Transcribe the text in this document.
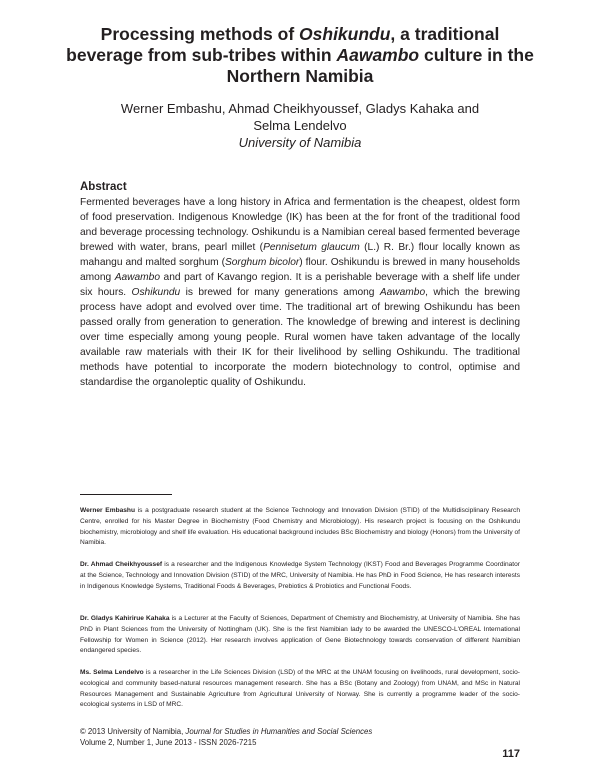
Processing methods of Oshikundu, a traditional beverage from sub-tribes within Aawambo culture in the Northern Namibia
Werner Embashu, Ahmad Cheikhyoussef, Gladys Kahaka and
Selma Lendelvo
University of Namibia
Abstract

Fermented beverages have a long history in Africa and fermentation is the cheapest, oldest form of food preservation. Indigenous Knowledge (IK) has been at the for front of the traditional food and beverage processing technology. Oshikundu is a Namibian cereal based fermented beverage brewed with water, brans, pearl millet (Pennisetum glaucum (L.) R. Br.) flour locally known as mahangu and malted sorghum (Sorghum bicolor) flour. Oshikundu is brewed in many households among Aawambo and part of Kavango region. It is a perishable beverage with a shelf life under six hours. Oshikundu is brewed for many generations among Aawambo, which the brewing process have adopt and evolved over time. The traditional art of brewing Oshikundu has been passed orally from generation to generation. The knowledge of brewing and interest is declining over time especially among young people. Rural women have taken advantage of the locally available raw materials with their IK for their livelihood by selling Oshikundu. The traditional methods have potential to incorporate the modern biotechnology to control, optimise and standardise the organoleptic quality of Oshikundu.

Werner Embashu is a postgraduate research student at the Science Technology and Innovation Division (STID) of the Multidisciplinary Research Centre, enrolled for his Master Degree in Biochemistry (Food Chemistry and Microbiology). His research project is focusing on the Oshikundu biochemistry, microbiology and shelf life evaluation. His educational background includes BSc Biochemistry and biology (Honors) from the University of Namibia.

Dr. Ahmad Cheikhyoussef is a researcher and the Indigenous Knowledge System Technology (IKST) Food and Beverages Programme Coordinator at the Science, Technology and Innovation Division (STID) of the MRC, University of Namibia. He has PhD in Food Science, He has research interests in Indigenous Knowledge Systems, Traditional Foods & Beverages, Prebiotics & Probiotics and Functional Foods.

Dr. Gladys Kahiriruе Kahaka is a Lecturer at the Faculty of Sciences, Department of Chemistry and Biochemistry, at University of Namibia. She has PhD in Plant Sciences from the University of Nottingham (UK). She is the first Namibian lady to be awarded the UNESCO-L'OREAL International Fellowship for Women in Science (2012). Her research involves application of Gene Biotechnology towards conservation of different Namibian endangered species.

Ms. Selma Lendelvo is a researcher in the Life Sciences Division (LSD) of the MRC at the UNAM focusing on livelihoods, rural development, socio-ecological and community based-natural resources management research. She has a BSc (Botany and Zoology) from UNAM, and MSc in Natural Resources Management and Sustainable Agriculture from Agricultural University of Norway. She is currently a programme leader of the socio-ecological systems in LSD of MRC.

© 2013 University of Namibia, Journal for Studies in Humanities and Social Sciences
Volume 2, Number 1, June 2013 - ISSN 2026-7215
117
